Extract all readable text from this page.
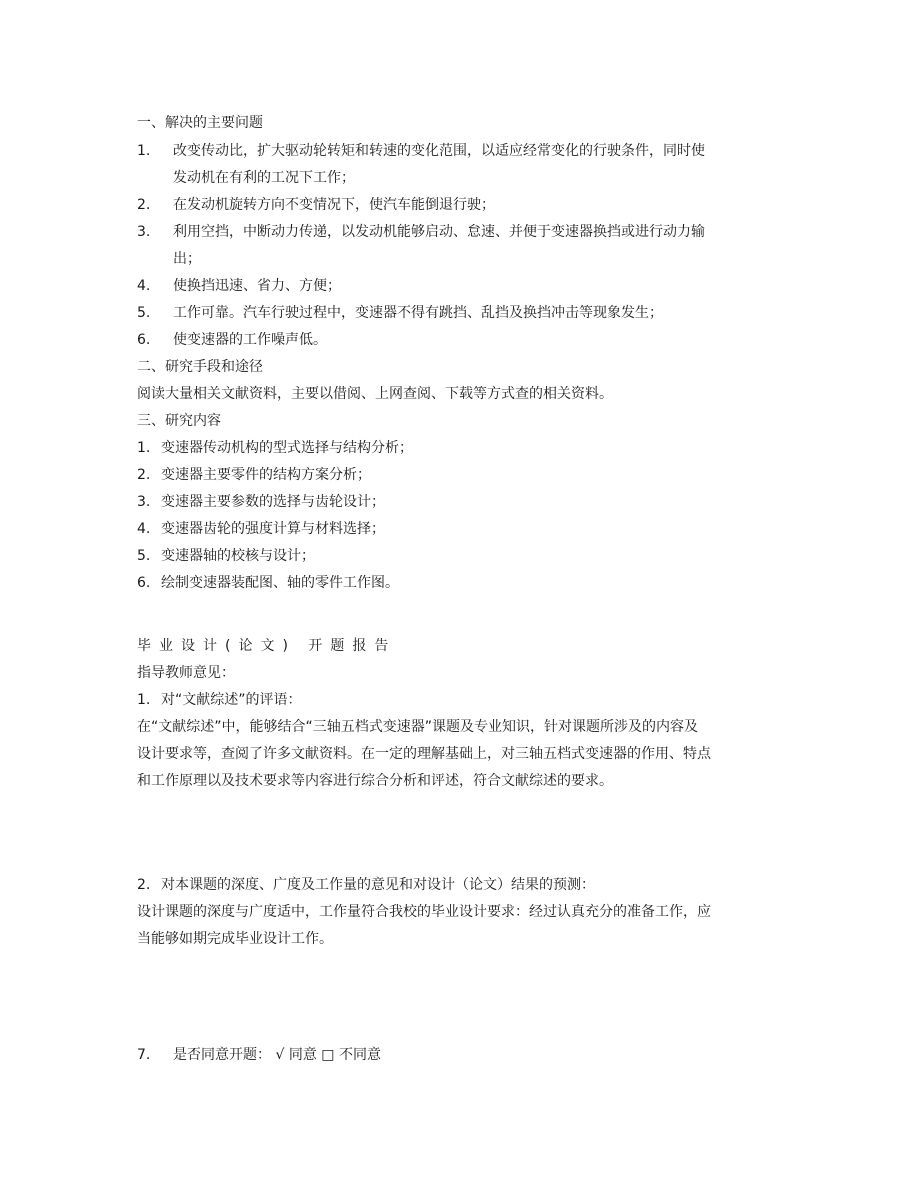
一、解决的主要问题
1. 改变传动比，扩大驱动轮转矩和转速的变化范围，以适应经常变化的行驶条件，同时使
发动机在有利的工况下工作；
2. 在发动机旋转方向不变情况下，使汽车能倒退行驶；
3. 利用空挡，中断动力传递，以发动机能够启动、怠速、并便于变速器换挡或进行动力输
出；
4. 使换挡迅速、省力、方便；
5. 工作可靠。汽车行驶过程中，变速器不得有跳挡、乱挡及换挡冲击等现象发生；
6. 使变速器的工作噪声低。
二、研究手段和途径
阅读大量相关文献资料，主要以借阅、上网查阅、下载等方式查的相关资料。
三、研究内容
1. 变速器传动机构的型式选择与结构分析；
2. 变速器主要零件的结构方案分析；
3. 变速器主要参数的选择与齿轮设计；
4. 变速器齿轮的强度计算与材料选择；
5. 变速器轴的校核与设计；
6. 绘制变速器装配图、轴的零件工作图。
毕业设计(论文) 开题报告
指导教师意见：
1. 对“文献综述”的评语：
在“文献综述”中，能够结合“三轴五档式变速器”课题及专业知识，针对课题所涉及的内容及
设计要求等，查阅了许多文献资料。在一定的理解基础上，对三轴五档式变速器的作用、特点
和工作原理以及技术要求等内容进行综合分析和评述，符合文献综述的要求。
2. 对本课题的深度、广度及工作量的意见和对设计（论文）结果的预测：
设计课题的深度与广度适中，工作量符合我校的毕业设计要求：经过认真充分的准备工作，应
当能够如期完成毕业设计工作。
7. 是否同意开题： √ 同意 □ 不同意
